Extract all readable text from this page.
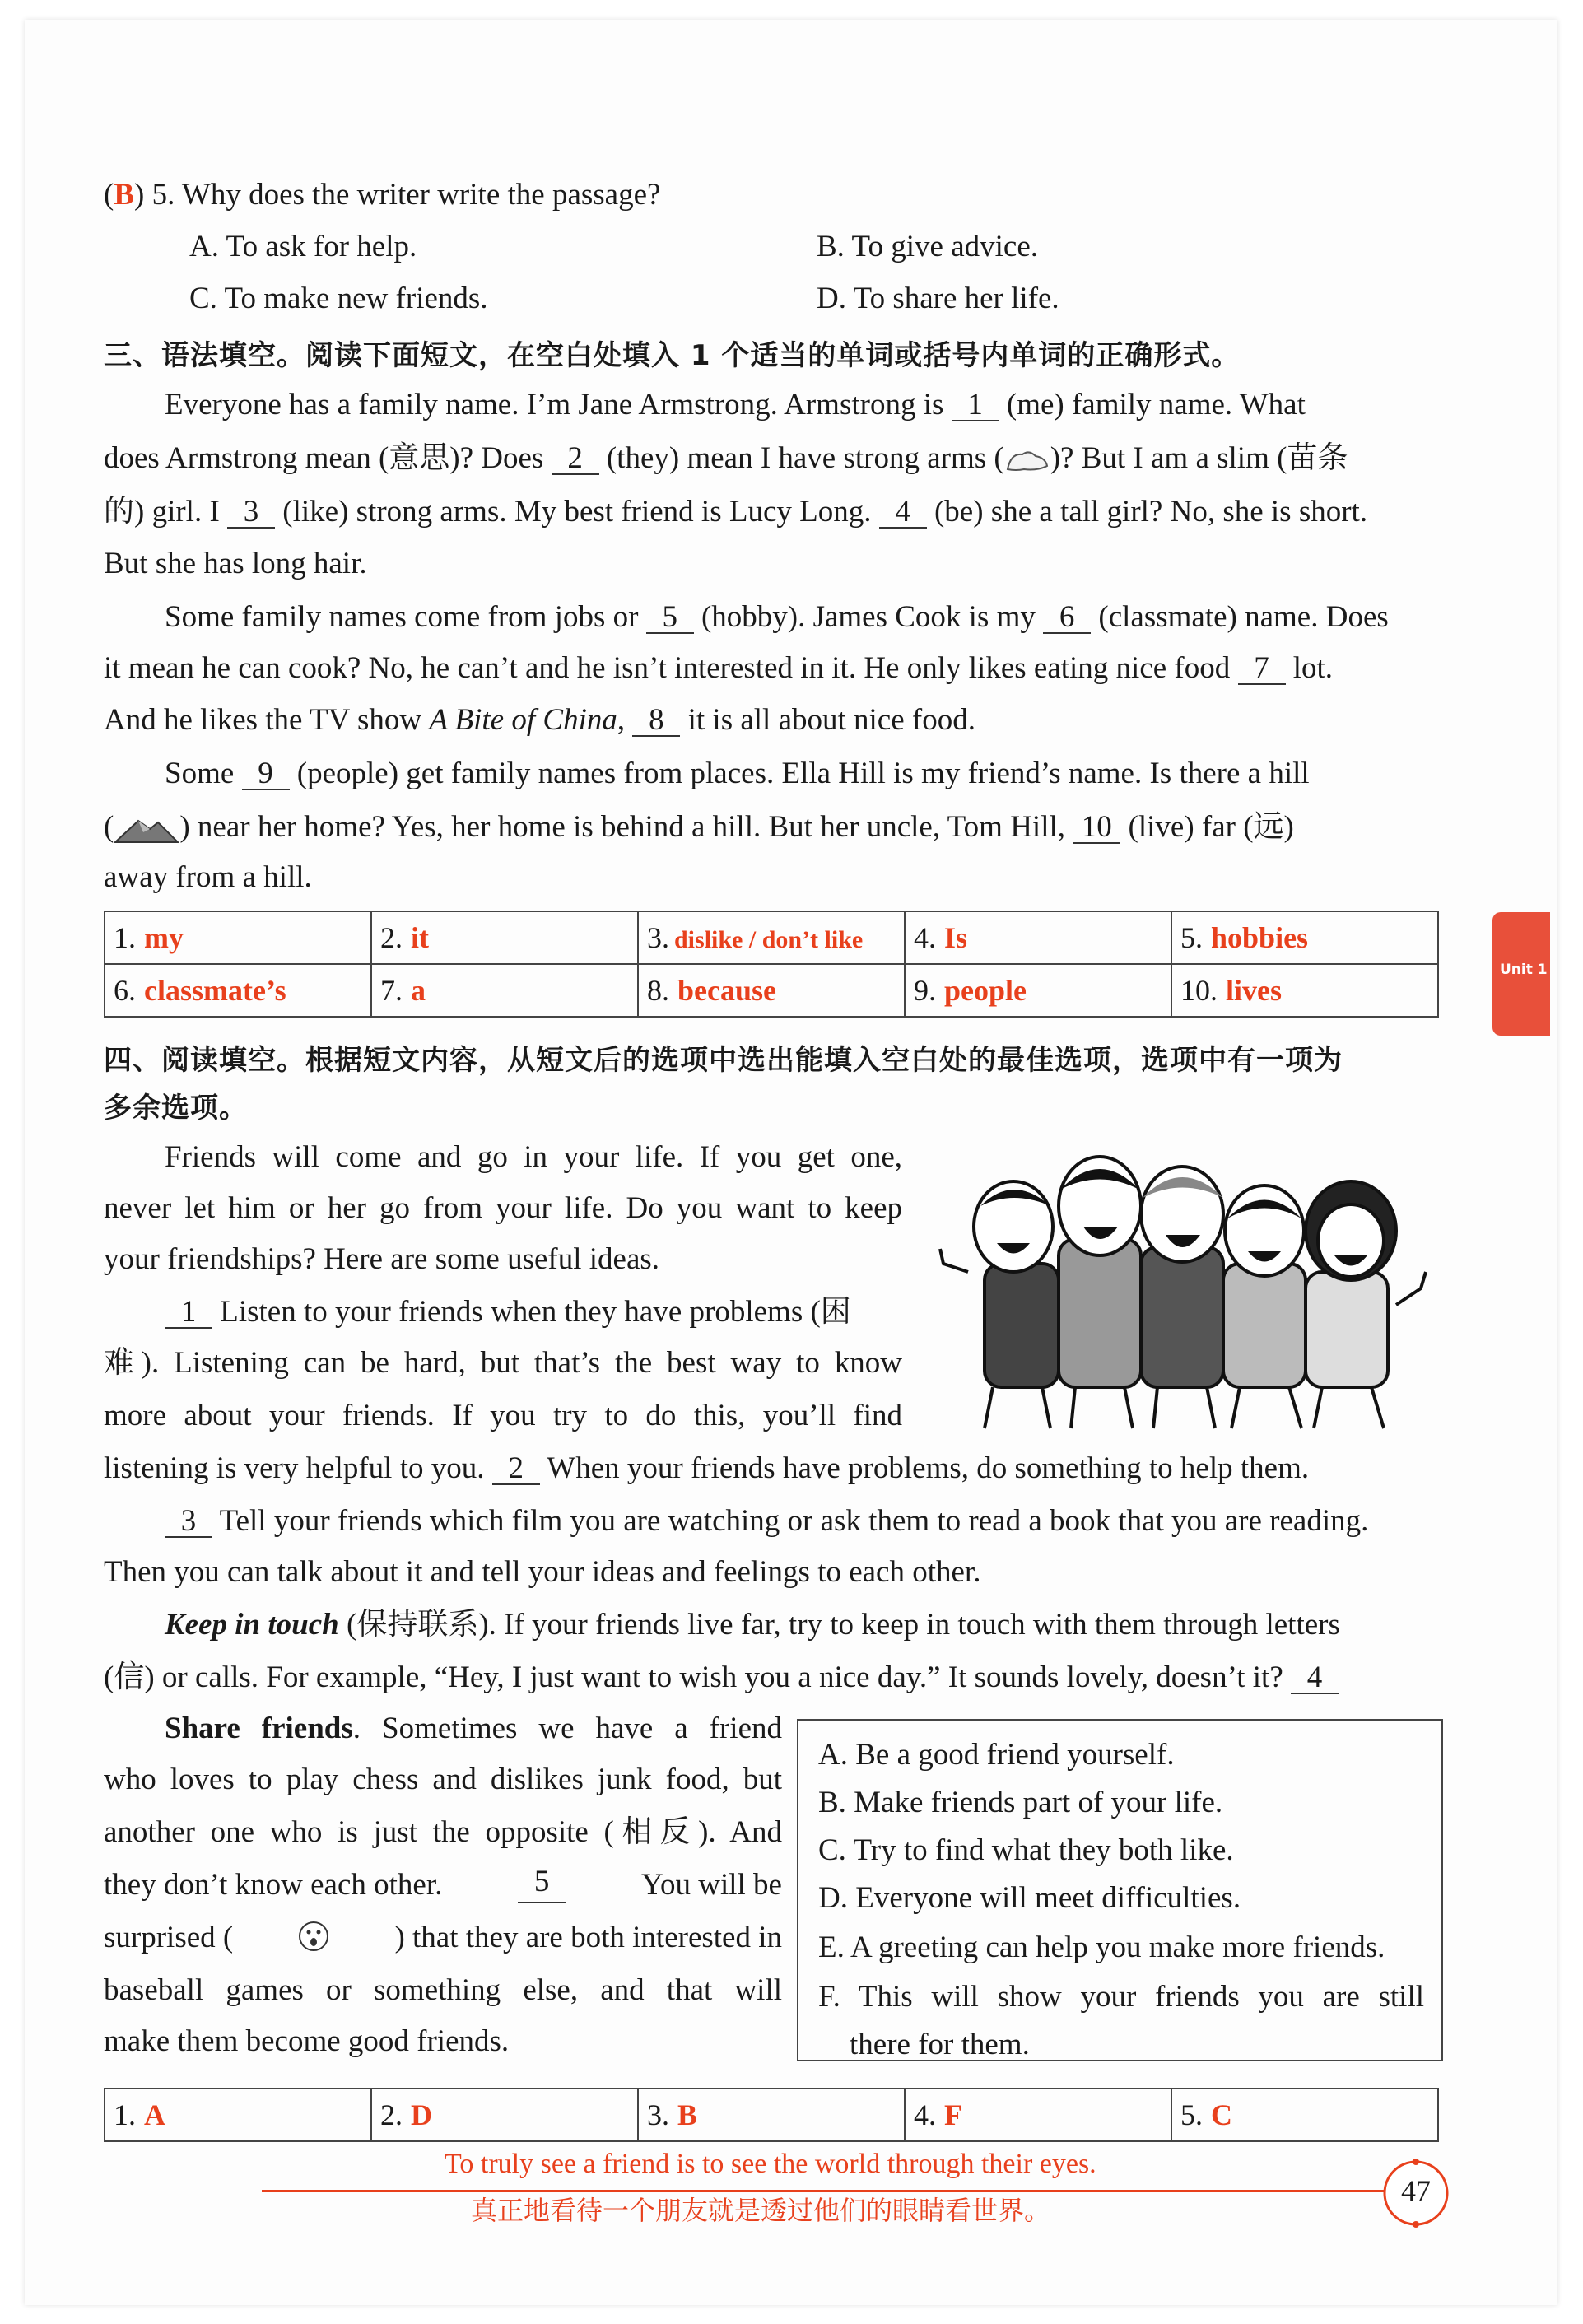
(B) 5. Why does the writer write the passage?
A. To ask for help.	B. To give advice.
C. To make new friends.	D. To share her life.
三、语法填空。阅读下面短文，在空白处填入 1 个适当的单词或括号内单词的正确形式。
Everyone has a family name. I’m Jane Armstrong. Armstrong is 1 (me) family name. What
does Armstrong mean (意思)? Does 2 (they) mean I have strong arms ( )? But I am a slim (苗条
的) girl. I 3 (like) strong arms. My best friend is Lucy Long. 4 (be) she a tall girl? No, she is short.
But she has long hair.
Some family names come from jobs or 5 (hobby). James Cook is my 6 (classmate) name. Does
it mean he can cook? No, he can’t and he isn’t interested in it. He only likes eating nice food 7 lot.
And he likes the TV show A Bite of China, 8 it is all about nice food.
Some 9 (people) get family names from places. Ella Hill is my friend’s name. Is there a hill
( ) near her home? Yes, her home is behind a hill. But her uncle, Tom Hill, 10 (live) far (远)
away from a hill.
1. my	2. it	3. dislike / don’t like	4. Is	5. hobbies
6. classmate’s	7. a	8. because	9. people	10. lives
Unit 1
四、阅读填空。根据短文内容，从短文后的选项中选出能填入空白处的最佳选项，选项中有一项为
多余选项。
Friends will come and go in your life. If you get one,
never let him or her go from your life. Do you want to keep
your friendships? Here are some useful ideas.
1 Listen to your friends when they have problems (困
难). Listening can be hard, but that’s the best way to know
more about your friends. If you try to do this, you’ll find
listening is very helpful to you. 2 When your friends have problems, do something to help them.
3 Tell your friends which film you are watching or ask them to read a book that you are reading.
Then you can talk about it and tell your ideas and feelings to each other.
Keep in touch (保持联系). If your friends live far, try to keep in touch with them through letters
(信) or calls. For example, “Hey, I just want to wish you a nice day.” It sounds lovely, doesn’t it? 4
Share friends. Sometimes we have a friend
who loves to play chess and dislikes junk food, but
another one who is just the opposite (相反). And
they don’t know each other.	5	You will be
surprised (	) that they are both interested in
baseball games or something else, and that will
make them become good friends.
A. Be a good friend yourself.
B. Make friends part of your life.
C. Try to find what they both like.
D. Everyone will meet difficulties.
E. A greeting can help you make more friends.
F. This will show your friends you are still
there for them.
1. A	2. D	3. B	4. F	5. C
To truly see a friend is to see the world through their eyes.
真正地看待一个朋友就是透过他们的眼睛看世界。
47
